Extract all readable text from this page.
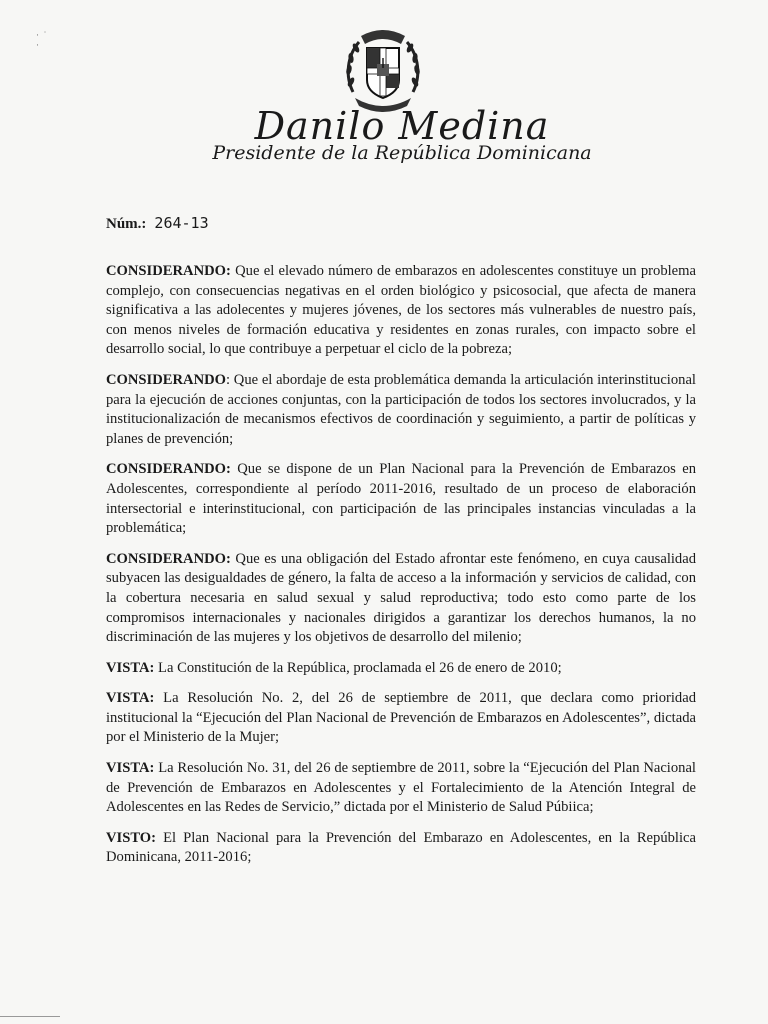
·  ˙
·
Danilo Medina
Presidente de la República Dominicana
Núm.: 264-13

CONSIDERANDO: Que el elevado número de embarazos en adolescentes constituye un problema complejo, con consecuencias negativas en el orden biológico y psicosocial, que afecta de manera significativa a las adolecentes y mujeres jóvenes, de los sectores más vulnerables de nuestro país, con menos niveles de formación educativa y residentes en zonas rurales, con impacto sobre el desarrollo social, lo que contribuye a perpetuar el ciclo de la pobreza;

CONSIDERANDO: Que el abordaje de esta problemática demanda la articulación interinstitucional para la ejecución de acciones conjuntas, con la participación de todos los sectores involucrados, y la institucionalización de mecanismos efectivos de coordinación y seguimiento, a partir de políticas y planes de prevención;

CONSIDERANDO: Que se dispone de un Plan Nacional para la Prevención de Embarazos en Adolescentes, correspondiente al período 2011-2016, resultado de un proceso de elaboración intersectorial e interinstitucional, con participación de las principales instancias vinculadas a la problemática;

CONSIDERANDO: Que es una obligación del Estado afrontar este fenómeno, en cuya causalidad subyacen las desigualdades de género, la falta de acceso a la información y servicios de calidad, con la cobertura necesaria en salud sexual y salud reproductiva; todo esto como parte de los compromisos internacionales y nacionales dirigidos a garantizar los derechos humanos, la no discriminación de las mujeres y los objetivos de desarrollo del milenio;

VISTA: La Constitución de la República, proclamada el 26 de enero de 2010;

VISTA: La Resolución No. 2, del 26 de septiembre de 2011, que declara como prioridad institucional la “Ejecución del Plan Nacional de Prevención de Embarazos en Adolescentes”, dictada por el Ministerio de la Mujer;

VISTA: La Resolución No. 31, del 26 de septiembre de 2011, sobre la “Ejecución del Plan Nacional de Prevención de Embarazos en Adolescentes y el Fortalecimiento de la Atención Integral de Adolescentes en las Redes de Servicio,” dictada por el Ministerio de Salud Púbiica;

VISTO: El Plan Nacional para la Prevención del Embarazo en Adolescentes, en la República Dominicana, 2011-2016;
